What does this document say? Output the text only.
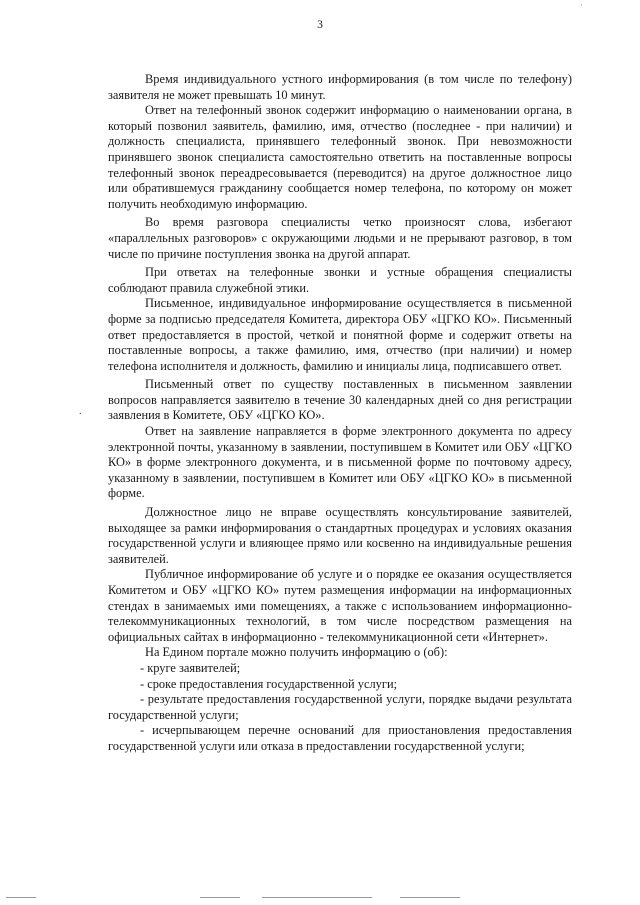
·
3
.

Время индивидуального устного информирования (в том числе по телефону) заявителя не может превышать 10 минут.

Ответ на телефонный звонок содержит информацию о наименовании органа, в который позвонил заявитель, фамилию, имя, отчество (последнее - при наличии) и должность специалиста, принявшего телефонный звонок. При невозможности принявшего звонок специалиста самостоятельно ответить на поставленные вопросы телефонный звонок переадресовывается (переводится) на другое должностное лицо или обратившемуся гражданину сообщается номер телефона, по которому он может получить необходимую информацию.

Во время разговора специалисты четко произносят слова, избегают «параллельных разговоров» с окружающими людьми и не прерывают разговор, в том числе по причине поступления звонка на другой аппарат.

При ответах на телефонные звонки и устные обращения специалисты соблюдают правила служебной этики.

Письменное, индивидуальное информирование осуществляется в письменной форме за подписью председателя Комитета, директора ОБУ «ЦГКО КО». Письменный ответ предоставляется в простой, четкой и понятной форме и содержит ответы на поставленные вопросы, а также фамилию, имя, отчество (при наличии) и номер телефона исполнителя и должность, фамилию и инициалы лица, подписавшего ответ.

Письменный ответ по существу поставленных в письменном заявлении вопросов направляется заявителю в течение 30 календарных дней со дня регистрации заявления в Комитете, ОБУ «ЦГКО КО».

Ответ на заявление направляется в форме электронного документа по адресу электронной почты, указанному в заявлении, поступившем в Комитет или ОБУ «ЦГКО КО» в форме электронного документа, и в письменной форме по почтовому адресу, указанному в заявлении, поступившем в Комитет или ОБУ «ЦГКО КО» в письменной форме.

Должностное лицо не вправе осуществлять консультирование заявителей, выходящее за рамки информирования о стандартных процедурах и условиях оказания государственной услуги и влияющее прямо или косвенно на индивидуальные решения заявителей.

Публичное информирование об услуге и о порядке ее оказания осуществляется Комитетом и ОБУ «ЦГКО КО» путем размещения информации на информационных стендах в занимаемых ими помещениях, а также с использованием информационно-телекоммуникационных технологий, в том числе посредством размещения на официальных сайтах в информационно - телекоммуникационной сети «Интернет».

На Едином портале можно получить информацию о (об):

- круге заявителей;

- сроке предоставления государственной услуги;

- результате предоставления государственной услуги, порядке выдачи результата государственной услуги;

- исчерпывающем перечне оснований для приостановления предоставления государственной услуги или отказа в предоставлении государственной услуги;
